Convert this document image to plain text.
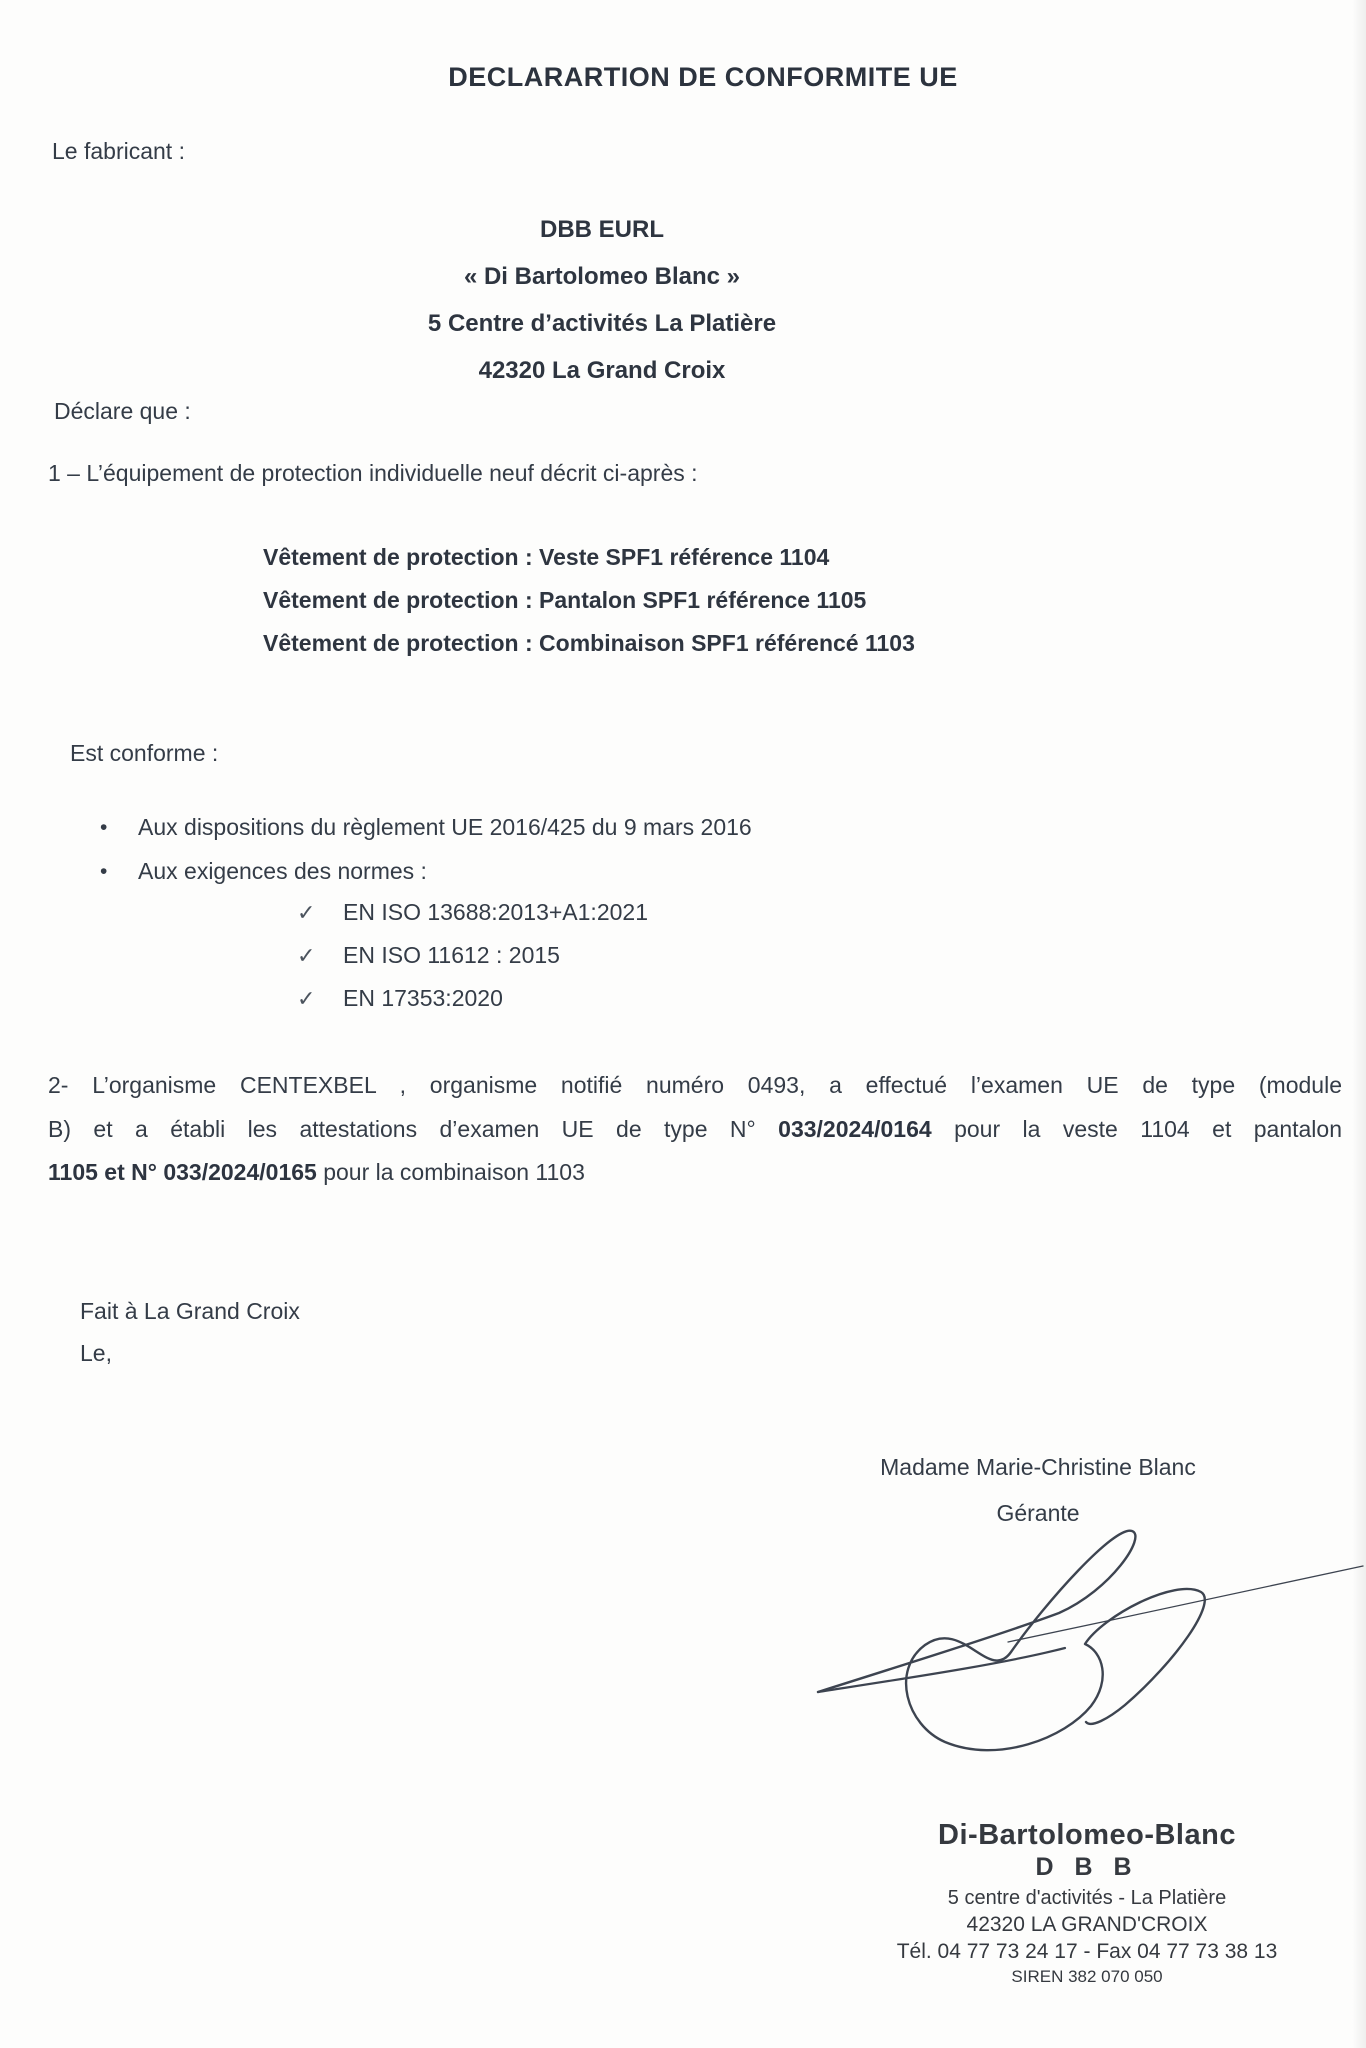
DECLARARTION DE CONFORMITE UE
Le fabricant :
DBB EURL
« Di Bartolomeo Blanc »
5 Centre d’activités La Platière
42320 La Grand Croix
Déclare que :
1 – L’équipement de protection individuelle neuf décrit ci-après :
Vêtement de protection : Veste SPF1 référence 1104
Vêtement de protection : Pantalon SPF1 référence 1105
Vêtement de protection : Combinaison SPF1 référencé 1103
Est conforme :
•	Aux dispositions du règlement UE 2016/425 du 9 mars 2016
•	Aux exigences des normes :
✓	EN ISO 13688:2013+A1:2021
✓	EN ISO 11612 : 2015
✓	EN 17353:2020
2- L’organisme CENTEXBEL , organisme notifié numéro 0493, a effectué l’examen UE de type (module
B) et a établi les attestations d’examen UE de type N° 033/2024/0164 pour la veste 1104 et pantalon
1105 et N° 033/2024/0165 pour la combinaison 1103
Fait à La Grand Croix
Le,
Madame Marie-Christine Blanc
Gérante
Di-Bartolomeo-Blanc
D B B
5 centre d'activités - La Platière
42320 LA GRAND'CROIX
Tél. 04 77 73 24 17 - Fax 04 77 73 38 13
SIREN 382 070 050
